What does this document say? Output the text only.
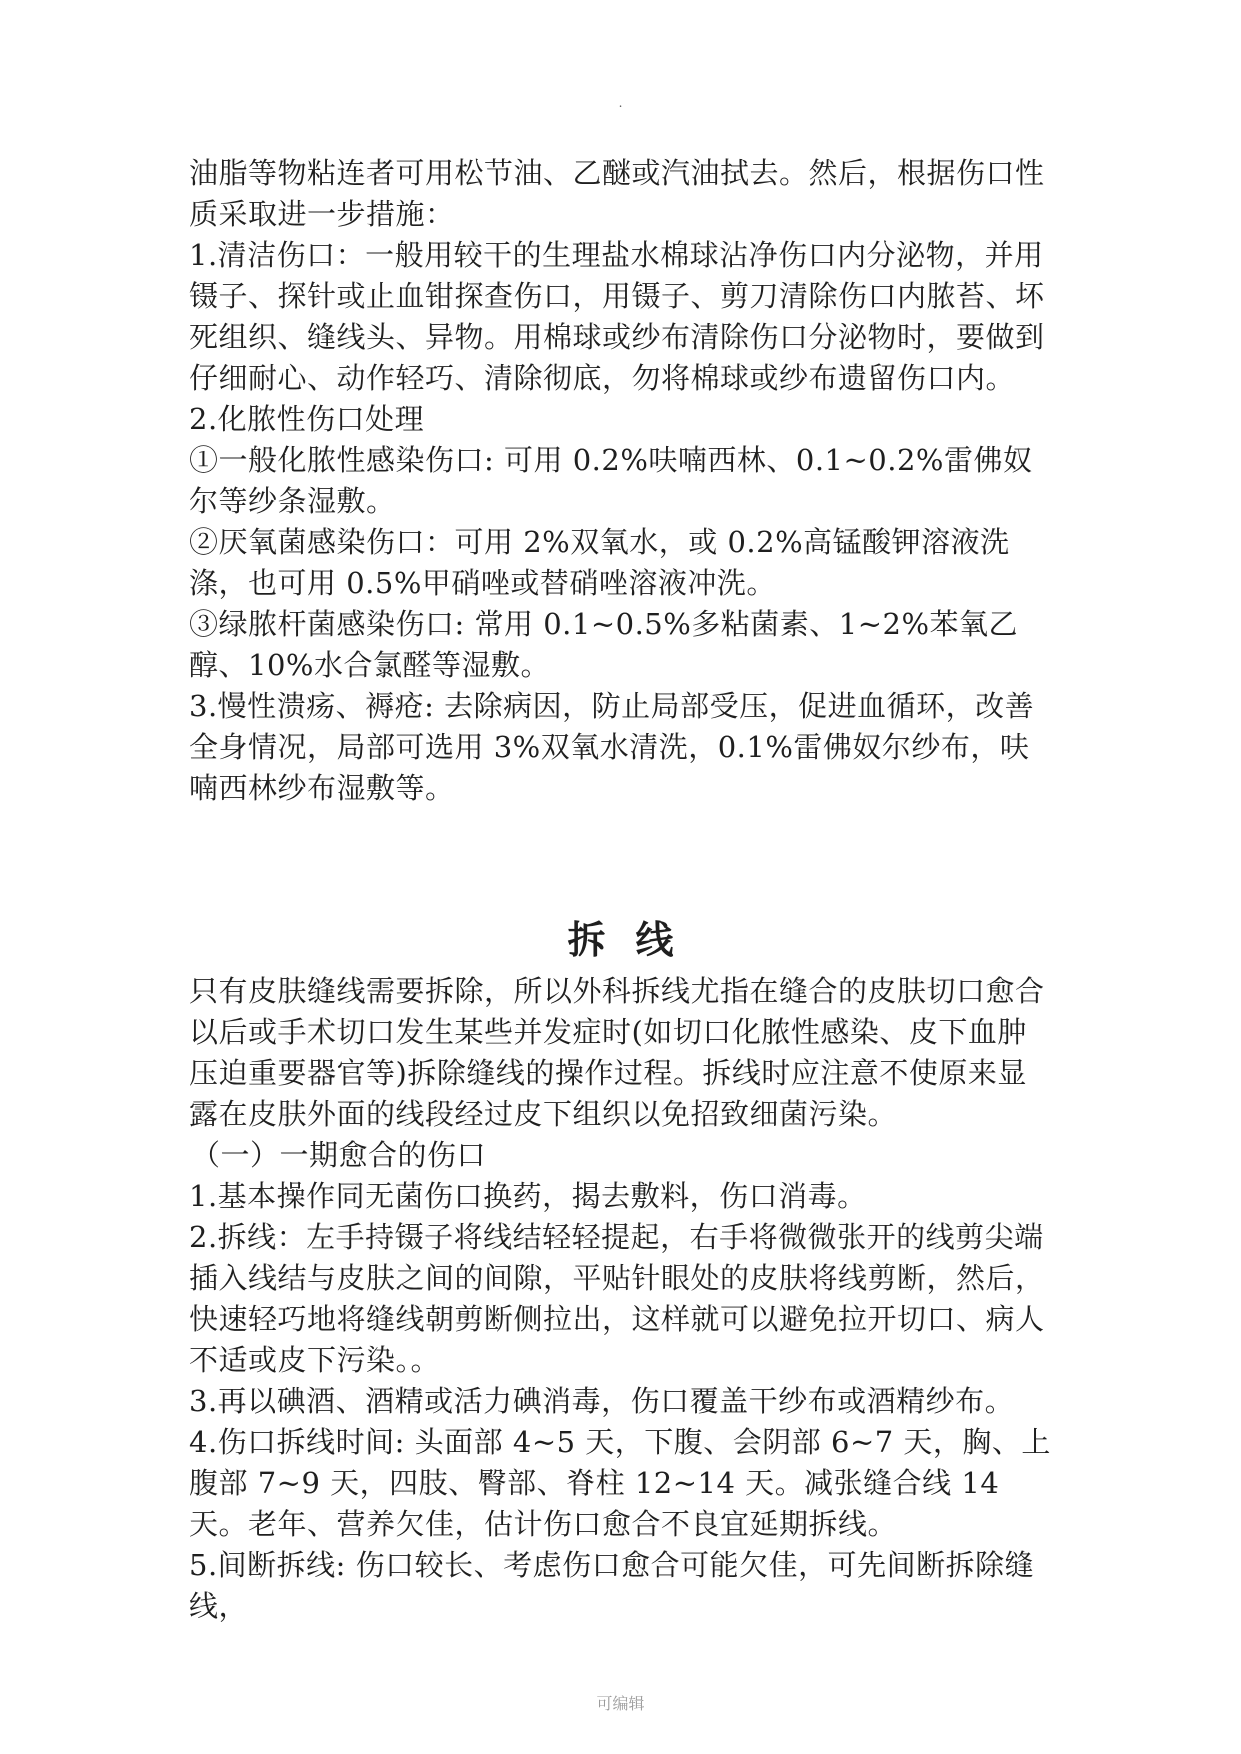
.

油脂等物粘连者可用松节油、乙醚或汽油拭去。然后，根据伤口性质采取进一步措施：

1.清洁伤口：一般用较干的生理盐水棉球沾净伤口内分泌物，并用镊子、探针或止血钳探查伤口，用镊子、剪刀清除伤口内脓苔、坏死组织、缝线头、异物。用棉球或纱布清除伤口分泌物时，要做到仔细耐心、动作轻巧、清除彻底，勿将棉球或纱布遗留伤口内。

2.化脓性伤口处理

①一般化脓性感染伤口: 可用 0.2%呋喃西林、0.1~0.2%雷佛奴尔等纱条湿敷。

②厌氧菌感染伤口：可用 2%双氧水，或 0.2%高锰酸钾溶液洗涤，也可用 0.5%甲硝唑或替硝唑溶液冲洗。

③绿脓杆菌感染伤口: 常用 0.1~0.5%多粘菌素、1~2%苯氧乙醇、10%水合氯醛等湿敷。

3.慢性溃疡、褥疮: 去除病因，防止局部受压，促进血循环，改善全身情况，局部可选用 3%双氧水清洗，0.1%雷佛奴尔纱布，呋喃西林纱布湿敷等。

拆线

只有皮肤缝线需要拆除，所以外科拆线尤指在缝合的皮肤切口愈合以后或手术切口发生某些并发症时(如切口化脓性感染、皮下血肿压迫重要器官等)拆除缝线的操作过程。拆线时应注意不使原来显露在皮肤外面的线段经过皮下组织以免招致细菌污染。

（一）一期愈合的伤口

1.基本操作同无菌伤口换药，揭去敷料，伤口消毒。

2.拆线：左手持镊子将线结轻轻提起，右手将微微张开的线剪尖端插入线结与皮肤之间的间隙，平贴针眼处的皮肤将线剪断，然后，快速轻巧地将缝线朝剪断侧拉出，这样就可以避免拉开切口、病人不适或皮下污染。。

3.再以碘酒、酒精或活力碘消毒，伤口覆盖干纱布或酒精纱布。

4.伤口拆线时间: 头面部 4~5 天，下腹、会阴部 6~7 天，胸、上腹部 7~9 天，四肢、臀部、脊柱 12~14 天。减张缝合线 14 天。老年、营养欠佳，估计伤口愈合不良宜延期拆线。

5.间断拆线: 伤口较长、考虑伤口愈合可能欠佳，可先间断拆除缝线，

可编辑
